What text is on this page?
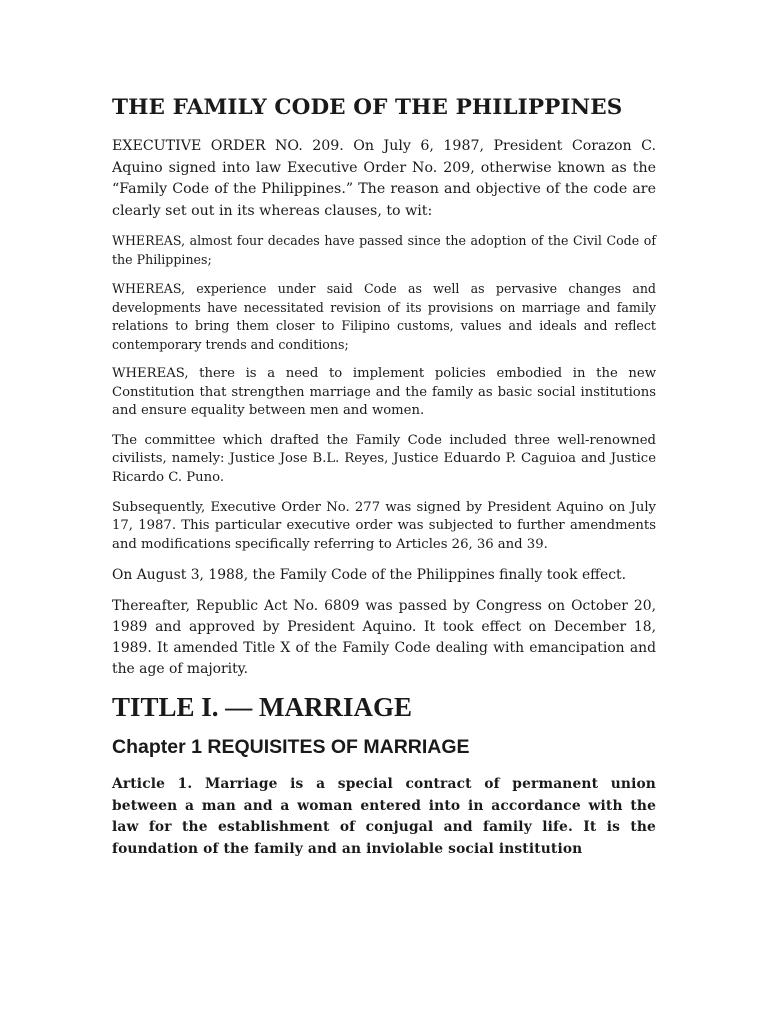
THE FAMILY CODE OF THE PHILIPPINES

EXECUTIVE ORDER NO. 209. On July 6, 1987, President Corazon C. Aquino signed into law Executive Order No. 209, otherwise known as the “Family Code of the Philippines.” The reason and objective of the code are clearly set out in its whereas clauses, to wit:

WHEREAS, almost four decades have passed since the adoption of the Civil Code of the Philippines;

WHEREAS, experience under said Code as well as pervasive changes and developments have necessitated revision of its provisions on marriage and family relations to bring them closer to Filipino customs, values and ideals and reflect contemporary trends and conditions;

WHEREAS, there is a need to implement policies embodied in the new Constitution that strengthen marriage and the family as basic social institutions and ensure equality between men and women.

The committee which drafted the Family Code included three well-renowned civilists, namely: Justice Jose B.L. Reyes, Justice Eduardo P. Caguioa and Justice Ricardo C. Puno.

Subsequently, Executive Order No. 277 was signed by President Aquino on July 17, 1987. This particular executive order was subjected to further amendments and modifications specifically referring to Articles 26, 36 and 39.

On August 3, 1988, the Family Code of the Philippines finally took effect.

Thereafter, Republic Act No. 6809 was passed by Congress on October 20, 1989 and approved by President Aquino. It took effect on December 18, 1989. It amended Title X of the Family Code dealing with emancipation and the age of majority.

TITLE I. — MARRIAGE
Chapter 1 REQUISITES OF MARRIAGE

Article 1. Marriage is a special contract of permanent union between a man and a woman entered into in accordance with the law for the establishment of conjugal and family life. It is the foundation of the family and an inviolable social institution
